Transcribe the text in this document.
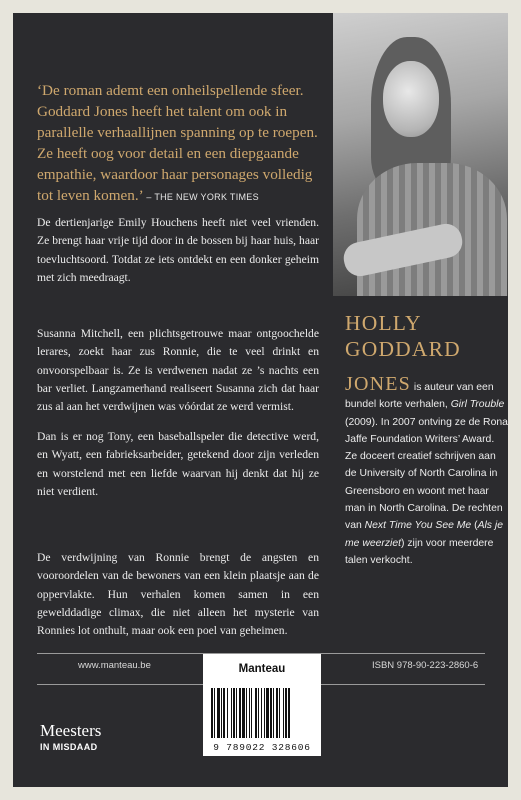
‘De roman ademt een onheilspellende sfeer. Goddard Jones heeft het talent om ook in parallelle verhaallijnen spanning op te roepen. Ze heeft oog voor detail en een diepgaande empathie, waardoor haar personages volledig tot leven komen.’ – THE NEW YORK TIMES

De dertienjarige Emily Houchens heeft niet veel vrienden. Ze brengt haar vrije tijd door in de bossen bij haar huis, haar toevluchtsoord. Totdat ze iets ontdekt en een donker geheim met zich meedraagt.

Susanna Mitchell, een plichtsgetrouwe maar ontgoochelde lerares, zoekt haar zus Ronnie, die te veel drinkt en onvoorspelbaar is. Ze is verdwenen nadat ze ’s nachts een bar verliet. Langzamerhand realiseert Susanna zich dat haar zus al aan het verdwijnen was vóórdat ze werd vermist.

Dan is er nog Tony, een baseballspeler die detective werd, en Wyatt, een fabrieksarbeider, getekend door zijn verleden en worstelend met een liefde waarvan hij denkt dat hij ze niet verdient.

De verdwijning van Ronnie brengt de angsten en vooroordelen van de bewoners van een klein plaatsje aan de oppervlakte. Hun verhalen komen samen in een gewelddadige climax, die niet alleen het mysterie van Ronnies lot onthult, maar ook een poel van geheimen.

HOLLY
GODDARD

JONES is auteur van een bundel korte verhalen, Girl Trouble (2009). In 2007 ontving ze de Rona Jaffe Foundation Writers’ Award. Ze doceert creatief schrijven aan de University of North Carolina in Greensboro en woont met haar man in North Carolina. De rechten van Next Time You See Me (Als je me weerziet) zijn voor meerdere talen verkocht.

www.manteau.be	ISBN 978-90-223-2860-6
Manteau
9 789022 328606
Meesters
IN MISDAAD
